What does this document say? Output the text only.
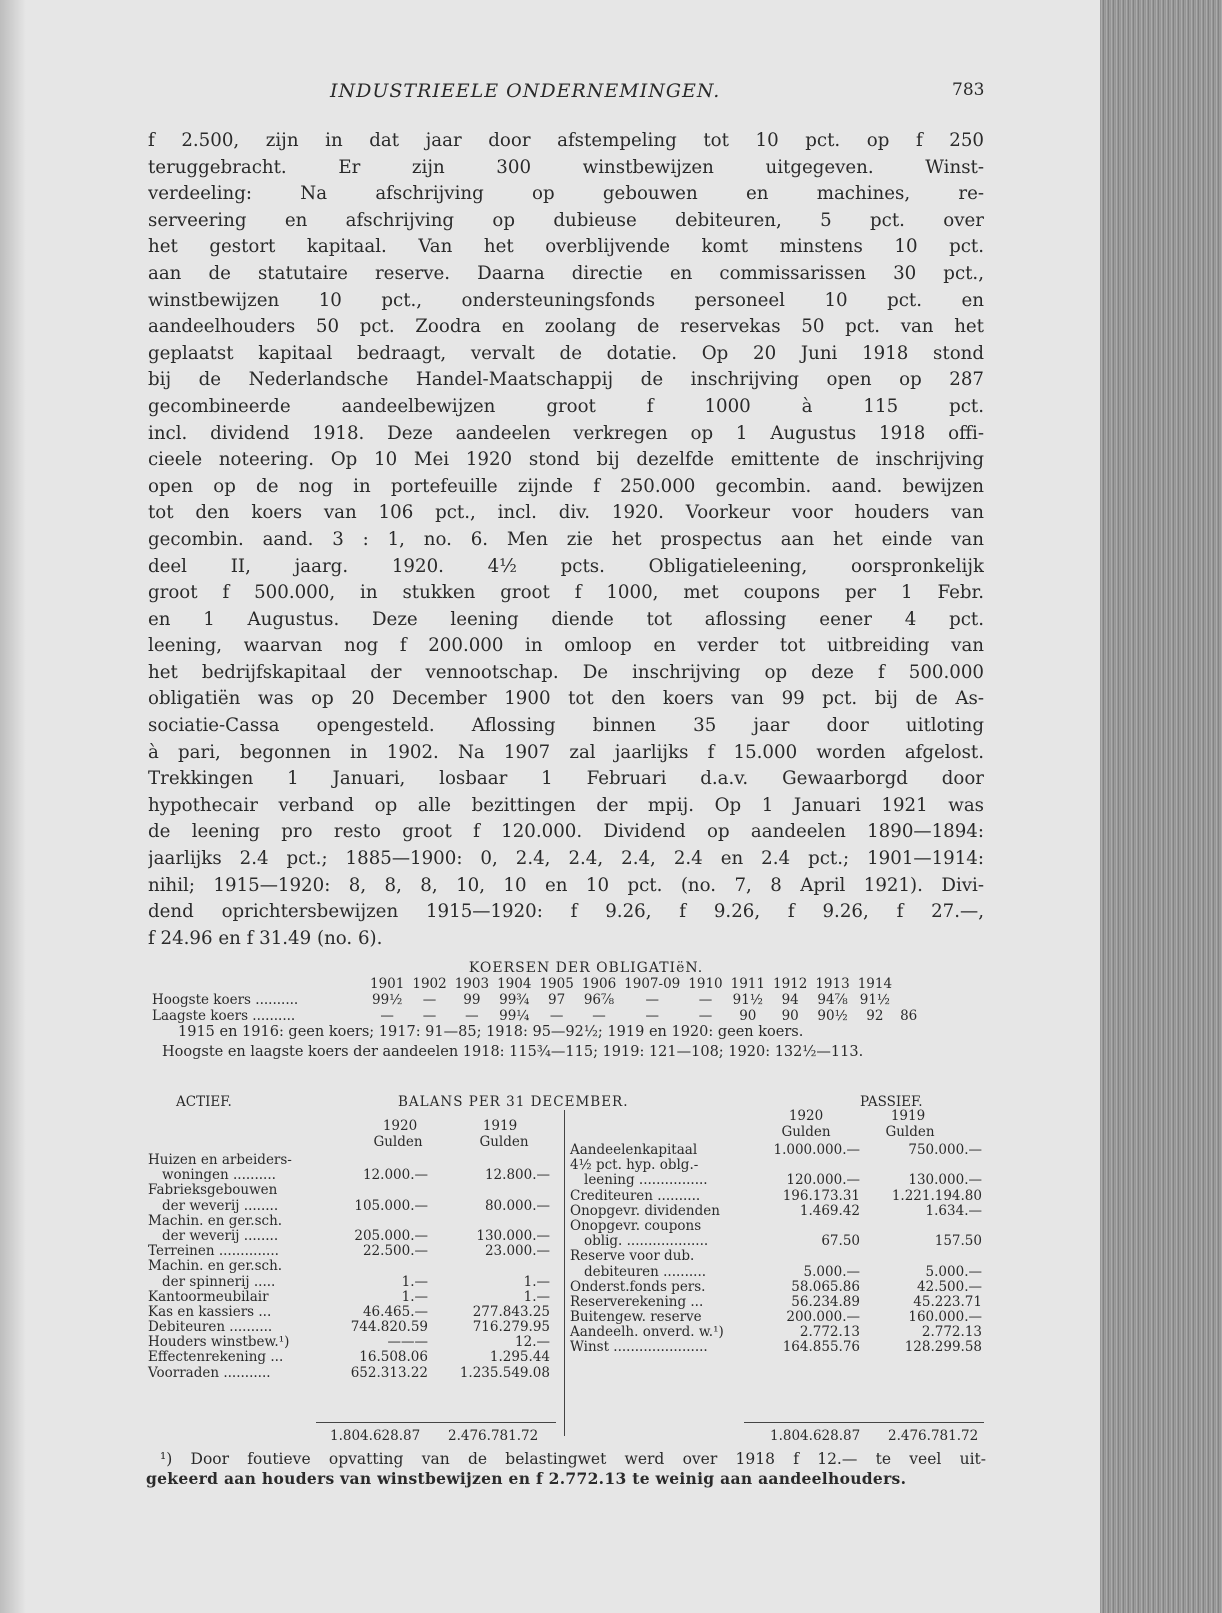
INDUSTRIEELE ONDERNEMINGEN.	783
f 2.500, zijn in dat jaar door afstempeling tot 10 pct. op f 250
teruggebracht. Er zijn 300 winstbewijzen uitgegeven. Winst-
verdeeling: Na afschrijving op gebouwen en machines, re-
serveering en afschrijving op dubieuse debiteuren, 5 pct. over
het gestort kapitaal. Van het overblijvende komt minstens 10 pct.
aan de statutaire reserve. Daarna directie en commissarissen 30 pct.,
winstbewijzen 10 pct., ondersteuningsfonds personeel 10 pct. en
aandeelhouders 50 pct. Zoodra en zoolang de reservekas 50 pct. van het
geplaatst kapitaal bedraagt, vervalt de dotatie. Op 20 Juni 1918 stond
bij de Nederlandsche Handel-Maatschappij de inschrijving open op 287
gecombineerde aandeelbewijzen groot f 1000 à 115 pct.
incl. dividend 1918. Deze aandeelen verkregen op 1 Augustus 1918 offi-
cieele noteering. Op 10 Mei 1920 stond bij dezelfde emittente de inschrijving
open op de nog in portefeuille zijnde f 250.000 gecombin. aand. bewijzen
tot den koers van 106 pct., incl. div. 1920. Voorkeur voor houders van
gecombin. aand. 3 : 1, no. 6. Men zie het prospectus aan het einde van
deel II, jaarg. 1920. 4½ pcts. Obligatieleening, oorspronkelijk
groot f 500.000, in stukken groot f 1000, met coupons per 1 Febr.
en 1 Augustus. Deze leening diende tot aflossing eener 4 pct.
leening, waarvan nog f 200.000 in omloop en verder tot uitbreiding van
het bedrijfskapitaal der vennootschap. De inschrijving op deze f 500.000
obligatiën was op 20 December 1900 tot den koers van 99 pct. bij de As-
sociatie-Cassa opengesteld. Aflossing binnen 35 jaar door uitloting
à pari, begonnen in 1902. Na 1907 zal jaarlijks f 15.000 worden afgelost.
Trekkingen 1 Januari, losbaar 1 Februari d.a.v. Gewaarborgd door
hypothecair verband op alle bezittingen der mpij. Op 1 Januari 1921 was
de leening pro resto groot f 120.000. Dividend op aandeelen 1890—1894:
jaarlijks 2.4 pct.; 1885—1900: 0, 2.4, 2.4, 2.4, 2.4 en 2.4 pct.; 1901—1914:
nihil; 1915—1920: 8, 8, 8, 10, 10 en 10 pct. (no. 7, 8 April 1921). Divi-
dend oprichtersbewijzen 1915—1920: f 9.26, f 9.26, f 9.26, f 27.—,
f 24.96 en f 31.49 (no. 6).
KOERSEN DER OBLIGATIëN.
	1901	1902	1903	1904	1905	1906	1907-09	1910	1911	1912	1913	1914	
Hoogste koers ..........	99½	—	99	99¾	97	96⅞	—	—	91½	94	94⅞	91½	
Laagste koers ..........	—	—	—	99¼	—	—	—	—	90	90	90½	92	86
1915 en 1916: geen koers; 1917: 91—85; 1918: 95—92½; 1919 en 1920: geen koers.
Hoogste en laagste koers der aandeelen 1918: 115¾—115; 1919: 121—108; 1920: 132½—113.
ACTIEF.	BALANS PER 31 DECEMBER.	PASSIEF.
1920	1919
Gulden	Gulden
1920	1919
Gulden	Gulden
Huizen en arbeiders-
woningen ..........	12.000.—	12.800.—
Fabrieksgebouwen
der weverij ........	105.000.—	80.000.—
Machin. en ger.sch.
der weverij ........	205.000.—	130.000.—
Terreinen ..............	22.500.—	23.000.—
Machin. en ger.sch.
der spinnerij .....	1.—	1.—
Kantoormeubilair	1.—	1.—
Kas en kassiers ...	46.465.—	277.843.25
Debiteuren ..........	744.820.59	716.279.95
Houders winstbew.¹)	———	12.—
Effectenrekening ...	16.508.06	1.295.44
Voorraden ...........	652.313.22 1.235.549.08
Aandeelenkapitaal	1.000.000.—	750.000.—
4½ pct. hyp. oblg.-
leening ................	120.000.—	130.000.—
Crediteuren ..........	196.173.31 1.221.194.80
Onopgevr. dividenden	1.469.42	1.634.—
Onopgevr. coupons
oblig. ...................	67.50	157.50
Reserve voor dub.
debiteuren ..........	5.000.—	5.000.—
Onderst.fonds pers.	58.065.86	42.500.—
Reserverekening ...	56.234.89	45.223.71
Buitengew. reserve	200.000.—	160.000.—
Aandeelh. onverd. w.¹)	2.772.13	2.772.13
Winst ......................	164.855.76	128.299.58
1.804.628.87 2.476.781.72	1.804.628.87 2.476.781.72
¹) Door foutieve opvatting van de belastingwet werd over 1918 f 12.— te veel uit-
gekeerd aan houders van winstbewijzen en f 2.772.13 te weinig aan aandeelhouders.
